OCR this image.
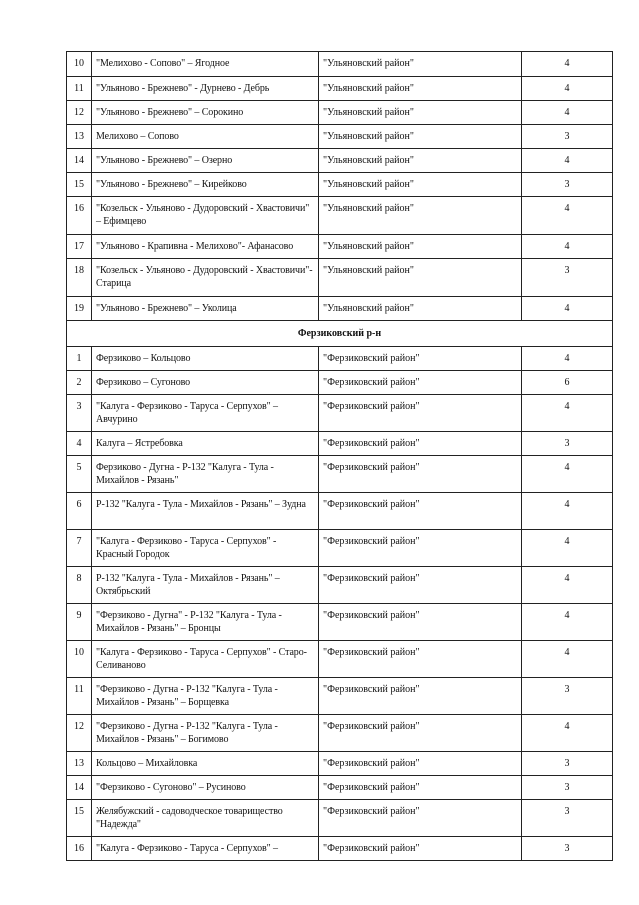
10	"Мелихово - Сопово" – Ягодное	"Ульяновский район"	4
11	"Ульяново - Брежнево" - Дурнево - Дебрь	"Ульяновский район"	4
12	"Ульяново - Брежнево" – Сорокино	"Ульяновский район"	4
13	Мелихово – Сопово	"Ульяновский район"	3
14	"Ульяново - Брежнево" – Озерно	"Ульяновский район"	4
15	"Ульяново - Брежнево" – Кирейково	"Ульяновский район"	3
16	"Козельск - Ульяново - Дудоровский - Хвастовичи" – Ефимцево	"Ульяновский район"	4
17	"Ульяново - Крапивна - Мелихово"- Афанасово	"Ульяновский район"	4
18	"Козельск - Ульяново - Дудоровский - Хвастовичи"- Старица	"Ульяновский район"	3
19	"Ульяново - Брежнево" – Уколица	"Ульяновский район"	4
Ферзиковский р-н			
1	Ферзиково – Кольцово	"Ферзиковский район"	4
2	Ферзиково – Сугоново	"Ферзиковский район"	6
3	"Калуга - Ферзиково - Таруса - Серпухов" – Авчурино	"Ферзиковский район"	4
4	Калуга – Ястребовка	"Ферзиковский район"	3
5	Ферзиково - Дугна - Р-132 "Калуга - Тула - Михайлов - Рязань"	"Ферзиковский район"	4
6	Р-132 "Калуга - Тула - Михайлов - Рязань" – Зудна	"Ферзиковский район"	4
7	"Калуга - Ферзиково - Таруса - Серпухов" - Красный Городок	"Ферзиковский район"	4
8	Р-132 "Калуга - Тула - Михайлов - Рязань" – Октябрьский	"Ферзиковский район"	4
9	"Ферзиково - Дугна" - Р-132 "Калуга - Тула - Михайлов - Рязань" – Бронцы	"Ферзиковский район"	4
10	"Калуга - Ферзиково - Таруса - Серпухов" - Старо-Селиваново	"Ферзиковский район"	4
11	"Ферзиково - Дугна - Р-132 "Калуга - Тула - Михайлов - Рязань" – Борщевка	"Ферзиковский район"	3
12	"Ферзиково - Дугна - Р-132 "Калуга - Тула - Михайлов - Рязань" – Богимово	"Ферзиковский район"	4
13	Кольцово – Михайловка	"Ферзиковский район"	3
14	"Ферзиково - Сугоново" – Русиново	"Ферзиковский район"	3
15	Желябужский - садоводческое товарищество "Надежда"	"Ферзиковский район"	3
16	"Калуга - Ферзиково - Таруса - Серпухов" –	"Ферзиковский район"	3
